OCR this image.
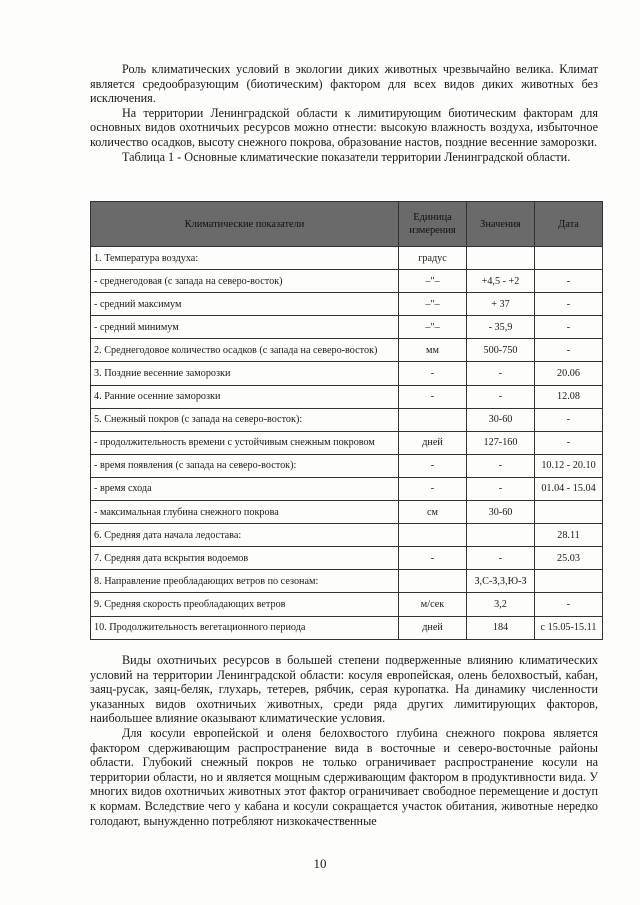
Роль климатических условий в экологии диких животных чрезвычайно велика. Климат является средообразующим (биотическим) фактором для всех видов диких животных без исключения.

На территории Ленинградской области к лимитирующим биотическим факторам для основных видов охотничьих ресурсов можно отнести: высокую влажность воздуха, избыточное количество осадков, высоту снежного покрова, образование настов, поздние весенние заморозки.

Таблица 1 - Основные климатические показатели территории Ленинградской области.

Климатические показатели	Единица измерения	Значения	Дата
1. Температура воздуха:	градус		
- среднегодовая (с запада на северо-восток)	–"–	+4,5 - +2	-
- средний максимум	–"–	+ 37	-
- средний минимум	–"–	- 35,9	-
2. Среднегодовое количество осадков (с запада на северо-восток)	мм	500-750	-
3. Поздние весенние заморозки	-	-	20.06
4. Ранние осенние заморозки	-	-	12.08
5. Снежный покров (с запада на северо-восток):		30-60	-
- продолжительность времени с устойчивым снежным покровом	дней	127-160	-
- время появления (с запада на северо-восток):	-	-	10.12 - 20.10
- время схода	-	-	01.04 - 15.04
- максимальная глубина снежного покрова	см	30-60	
6. Средняя дата начала ледостава:			28.11
7. Средняя дата вскрытия водоемов	-	-	25.03
8. Направление преобладающих ветров по сезонам:		З,С-З,З,Ю-З	
9. Средняя скорость преобладающих ветров	м/сек	3,2	-
10. Продолжительность вегетационного периода	дней	184	с 15.05-15.11

Виды охотничьих ресурсов в большей степени подверженные влиянию климатических условий на территории Ленинградской области: косуля европейская, олень белохвостый, кабан, заяц-русак, заяц-беляк, глухарь, тетерев, рябчик, серая куропатка. На динамику численности указанных видов охотничьих животных, среди ряда других лимитирующих факторов, наибольшее влияние оказывают климатические условия.

Для косули европейской и оленя белохвостого глубина снежного покрова является фактором сдерживающим распространение вида в восточные и северо-восточные районы области. Глубокий снежный покров не только ограничивает распространение косули на территории области, но и является мощным сдерживающим фактором в продуктивности вида. У многих видов охотничьих животных этот фактор ограничивает свободное перемещение и доступ к кормам. Вследствие чего у кабана и косули сокращается участок обитания, животные нередко голодают, вынужденно потребляют низкокачественные

10
